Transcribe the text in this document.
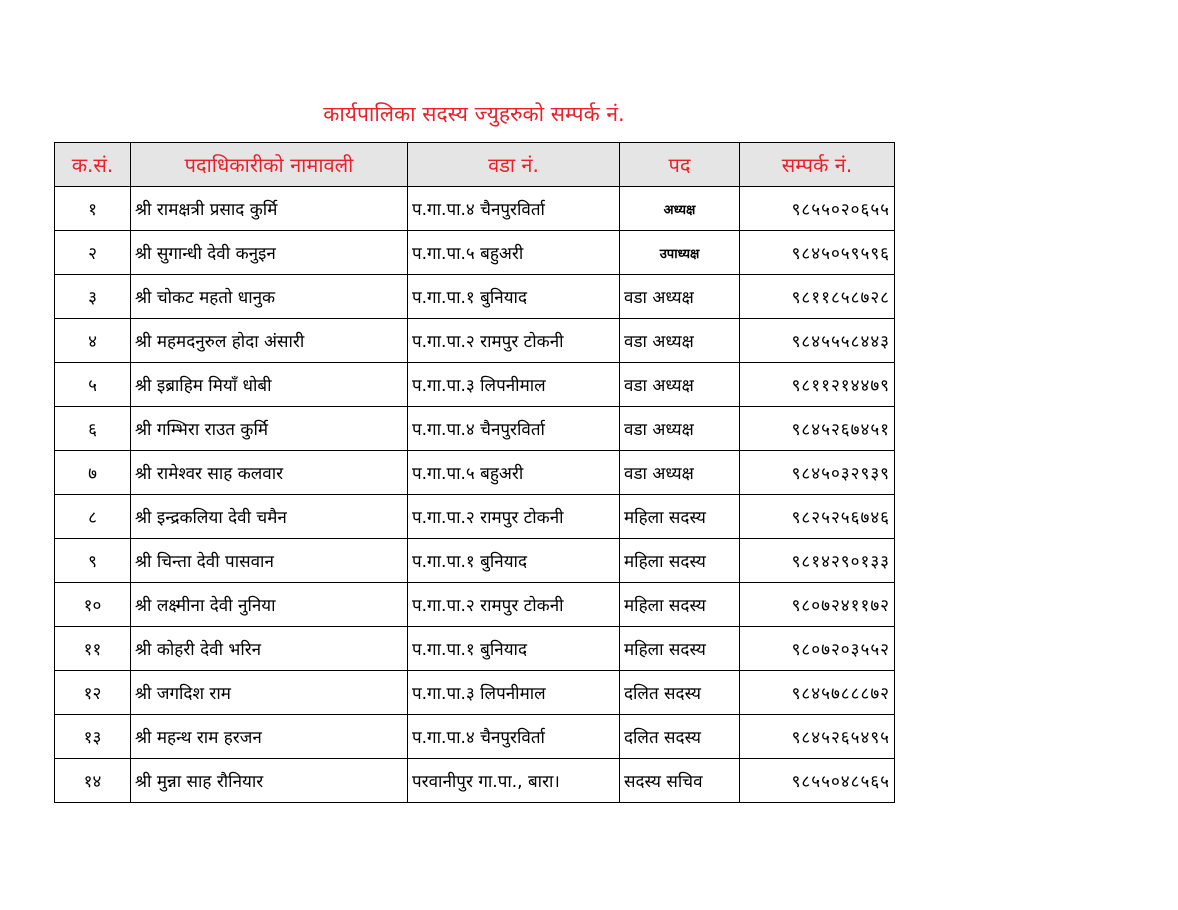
कार्यपालिका सदस्य ज्युहरुको सम्पर्क नं.
क.सं.	पदाधिकारीको नामावली	वडा नं.	पद	सम्पर्क नं.
१	श्री रामक्षत्री प्रसाद कुर्मि	प.गा.पा.४ चैनपुरविर्ता	अध्यक्ष	९८५५०२०६५५
२	श्री सुगान्धी देवी कनुइन	प.गा.पा.५ बहुअरी	उपाध्यक्ष	९८४५०५९५९६
३	श्री चोकट महतो धानुक	प.गा.पा.१ बुनियाद	वडा अध्यक्ष	९८११८५८७२८
४	श्री महमदनुरुल होदा अंसारी	प.गा.पा.२ रामपुर टोकनी	वडा अध्यक्ष	९८४५५५८४४३
५	श्री इब्राहिम मियाँ धोबी	प.गा.पा.३ लिपनीमाल	वडा अध्यक्ष	९८११२१४४७९
६	श्री गम्भिरा राउत कुर्मि	प.गा.पा.४ चैनपुरविर्ता	वडा अध्यक्ष	९८४५२६७४५१
७	श्री रामेश्वर साह कलवार	प.गा.पा.५ बहुअरी	वडा अध्यक्ष	९८४५०३२९३९
८	श्री इन्द्रकलिया देवी चमैन	प.गा.पा.२ रामपुर टोकनी	महिला सदस्य	९८२५२५६७४६
९	श्री चिन्ता देवी पासवान	प.गा.पा.१ बुनियाद	महिला सदस्य	९८१४२९०१३३
१०	श्री लक्ष्मीना देवी नुनिया	प.गा.पा.२ रामपुर टोकनी	महिला सदस्य	९८०७२४११७२
११	श्री कोहरी देवी भरिन	प.गा.पा.१ बुनियाद	महिला सदस्य	९८०७२०३५५२
१२	श्री जगदिश राम	प.गा.पा.३ लिपनीमाल	दलित सदस्य	९८४५७८८८७२
१३	श्री महन्थ राम हरजन	प.गा.पा.४ चैनपुरविर्ता	दलित सदस्य	९८४५२६५४९५
१४	श्री मुन्ना साह रौनियार	परवानीपुर गा.पा., बारा।	सदस्य सचिव	९८५५०४८५६५
